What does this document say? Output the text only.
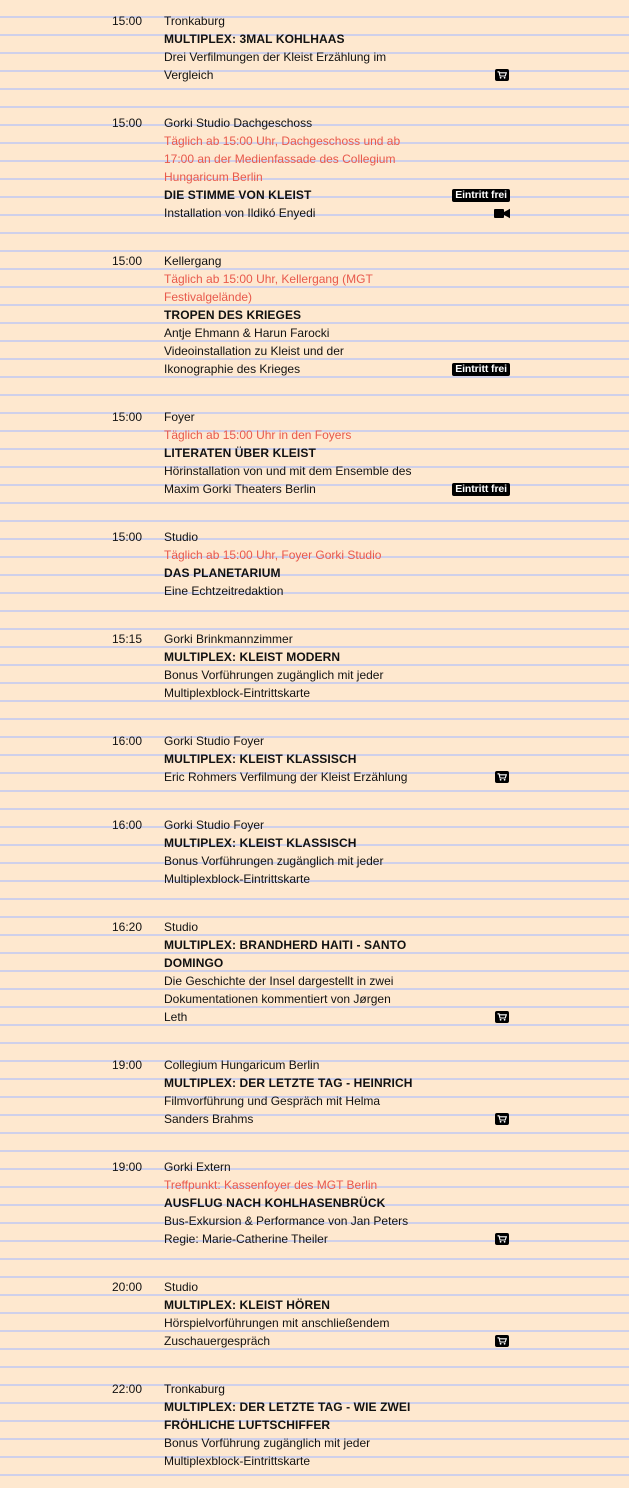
15:00	Tronkaburg
MULTIPLEX: 3MAL KOHLHAAS
Drei Verfilmungen der Kleist Erzählung im
Vergleich
15:00	Gorki Studio Dachgeschoss
Täglich ab 15:00 Uhr, Dachgeschoss und ab
17:00 an der Medienfassade des Collegium
Hungaricum Berlin
DIE STIMME VON KLEIST
Installation von Ildikó Enyedi
Eintritt frei
15:00	Kellergang
Täglich ab 15:00 Uhr, Kellergang (MGT
Festivalgelände)
TROPEN DES KRIEGES
Antje Ehmann & Harun Farocki
Videoinstallation zu Kleist und der
Ikonographie des Krieges	Eintritt frei
15:00	Foyer
Täglich ab 15:00 Uhr in den Foyers
LITERATEN ÜBER KLEIST
Hörinstallation von und mit dem Ensemble des
Maxim Gorki Theaters Berlin	Eintritt frei
15:00	Studio
Täglich ab 15:00 Uhr, Foyer Gorki Studio
DAS PLANETARIUM
Eine Echtzeitredaktion
15:15	Gorki Brinkmannzimmer
MULTIPLEX: KLEIST MODERN
Bonus Vorführungen zugänglich mit jeder
Multiplexblock-Eintrittskarte
16:00	Gorki Studio Foyer
MULTIPLEX: KLEIST KLASSISCH
Eric Rohmers Verfilmung der Kleist Erzählung
16:00	Gorki Studio Foyer
MULTIPLEX: KLEIST KLASSISCH
Bonus Vorführungen zugänglich mit jeder
Multiplexblock-Eintrittskarte
16:20	Studio
MULTIPLEX: BRANDHERD HAITI - SANTO
DOMINGO
Die Geschichte der Insel dargestellt in zwei
Dokumentationen kommentiert von Jørgen
Leth
19:00	Collegium Hungaricum Berlin
MULTIPLEX: DER LETZTE TAG - HEINRICH
Filmvorführung und Gespräch mit Helma
Sanders Brahms
19:00	Gorki Extern
Treffpunkt: Kassenfoyer des MGT Berlin
AUSFLUG NACH KOHLHASENBRÜCK
Bus-Exkursion & Performance von Jan Peters
Regie: Marie-Catherine Theiler
20:00	Studio
MULTIPLEX: KLEIST HÖREN
Hörspielvorführungen mit anschließendem
Zuschauergespräch
22:00	Tronkaburg
MULTIPLEX: DER LETZTE TAG - WIE ZWEI
FRÖHLICHE LUFTSCHIFFER
Bonus Vorführung zugänglich mit jeder
Multiplexblock-Eintrittskarte
